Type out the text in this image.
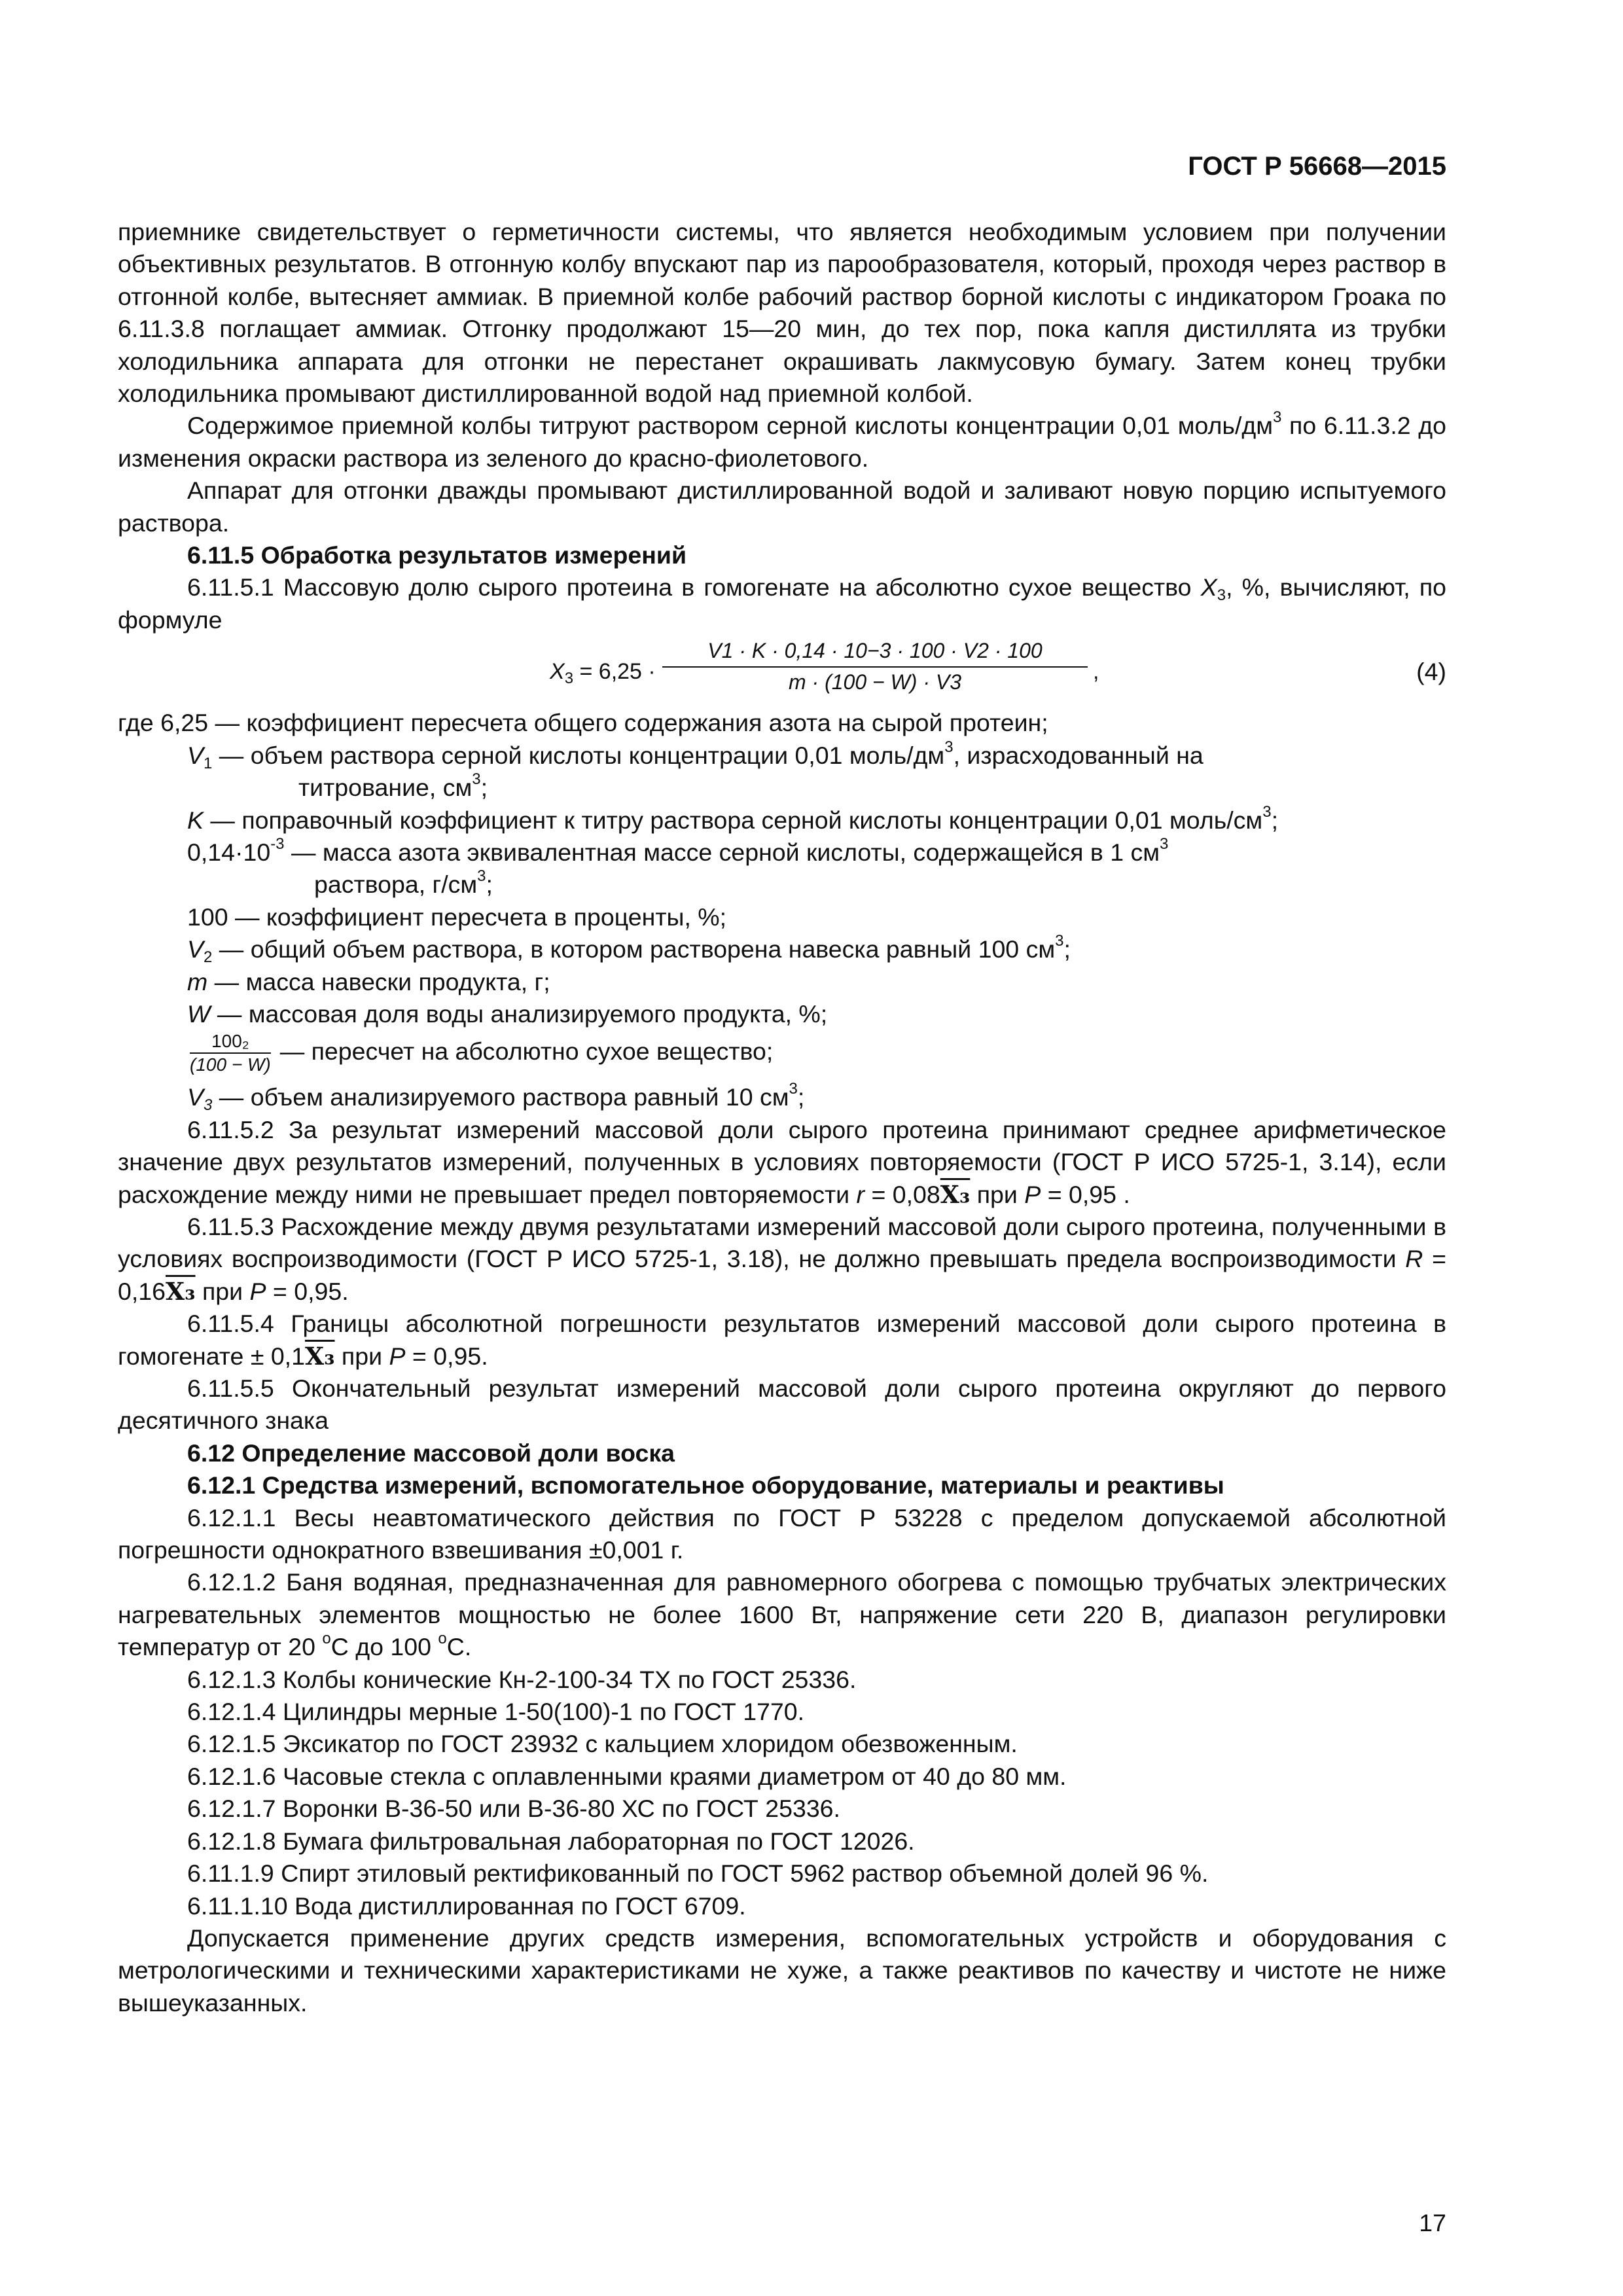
ГОСТ Р 56668—2015

приемнике свидетельствует о герметичности системы, что является необходимым условием при получении объективных результатов. В отгонную колбу впускают пар из парообразователя, который, проходя через раствор в отгонной колбе, вытесняет аммиак. В приемной колбе рабочий раствор борной кислоты с индикатором Гроака по 6.11.3.8 поглащает аммиак. Отгонку продолжают 15—20 мин, до тех пор, пока капля дистиллята из трубки холодильника аппарата для отгонки не перестанет окрашивать лакмусовую бумагу. Затем конец трубки холодильника промывают дистиллированной водой над приемной колбой.

Содержимое приемной колбы титруют раствором серной кислоты концентрации 0,01 моль/$дм^3$ по 6.11.3.2 до изменения окраски раствора из зеленого до красно-фиолетового.

Аппарат для отгонки дважды промывают дистиллированной водой и заливают новую порцию испытуемого раствора.

6.11.5 Обработка результатов измерений

6.11.5.1 Массовую долю сырого протеина в гомогенате на абсолютно сухое вещество $X_3$, %, вычисляют, по формуле

$X_3 = 6,25 \cdot \frac{V1 \cdot K \cdot 0,14 \cdot 10-3 \cdot 100 \cdot V2 \cdot 100}{m \cdot (100 - W) \cdot V3}$ ,	(4)

где 6,25 — коэффициент пересчета общего содержания азота на сырой протеин;

$V_1$ — объем раствора серной кислоты концентрации 0,01 моль/$дм^3$, израсходованный на

титрование, $см^3$;

K — поправочный коэффициент к титру раствора серной кислоты концентрации 0,01 моль/$см^3$;

$0,14\cdot 10^{-3}$ — масса азота эквивалентная массе серной кислоты, содержащейся в 1 $см^3$

раствора, $г/см^3$;

100 — коэффициент пересчета в проценты, %;

$V_2$ — общий объем раствора, в котором растворена навеска равный 100 $см^3$;

m — масса навески продукта, г;

W — массовая доля воды анализируемого продукта, %;

$\frac{\text{100₂}}{(100 - W)}$ — пересчет на абсолютно сухое вещество;

$V_3$ — объем анализируемого раствора равный 10 $см^3$;

6.11.5.2 За результат измерений массовой доли сырого протеина принимают среднее арифметическое значение двух результатов измерений, полученных в условиях повторяемости (ГОСТ Р ИСО 5725-1, 3.14), если расхождение между ними не превышает предел повторяемости r = 0,08X₃ при P = 0,95 .

6.11.5.3 Расхождение между двумя результатами измерений массовой доли сырого протеина, полученными в условиях воспроизводимости (ГОСТ Р ИСО 5725-1, 3.18), не должно превышать предела воспроизводимости R = 0,16X₃ при P = 0,95.

6.11.5.4 Границы абсолютной погрешности результатов измерений массовой доли сырого протеина в гомогенате ± 0,1X₃ при P = 0,95.

6.11.5.5 Окончательный результат измерений массовой доли сырого протеина округляют до первого десятичного знака

6.12 Определение массовой доли воска

6.12.1 Средства измерений, вспомогательное оборудование, материалы и реактивы

6.12.1.1 Весы неавтоматического действия по ГОСТ Р 53228 с пределом допускаемой абсолютной погрешности однократного взвешивания ±0,001 г.

6.12.1.2 Баня водяная, предназначенная для равномерного обогрева с помощью трубчатых электрических нагревательных элементов мощностью не более 1600 Вт, напряжение сети 220 В, диапазон регулировки температур от 20 $^o$С до 100 $^o$С.

6.12.1.3 Колбы конические Кн-2-100-34 ТХ по ГОСТ 25336.

6.12.1.4 Цилиндры мерные 1-50(100)-1 по ГОСТ 1770.

6.12.1.5 Эксикатор по ГОСТ 23932 с кальцием хлоридом обезвоженным.

6.12.1.6 Часовые стекла с оплавленными краями диаметром от 40 до 80 мм.

6.12.1.7 Воронки В-36-50 или В-36-80 ХС по ГОСТ 25336.

6.12.1.8 Бумага фильтровальная лабораторная по ГОСТ 12026.

6.11.1.9 Спирт этиловый ректификованный по ГОСТ 5962 раствор объемной долей 96 %.

6.11.1.10 Вода дистиллированная по ГОСТ 6709.

Допускается применение других средств измерения, вспомогательных устройств и оборудования с метрологическими и техническими характеристиками не хуже, а также реактивов по качеству и чистоте не ниже вышеуказанных.

17
